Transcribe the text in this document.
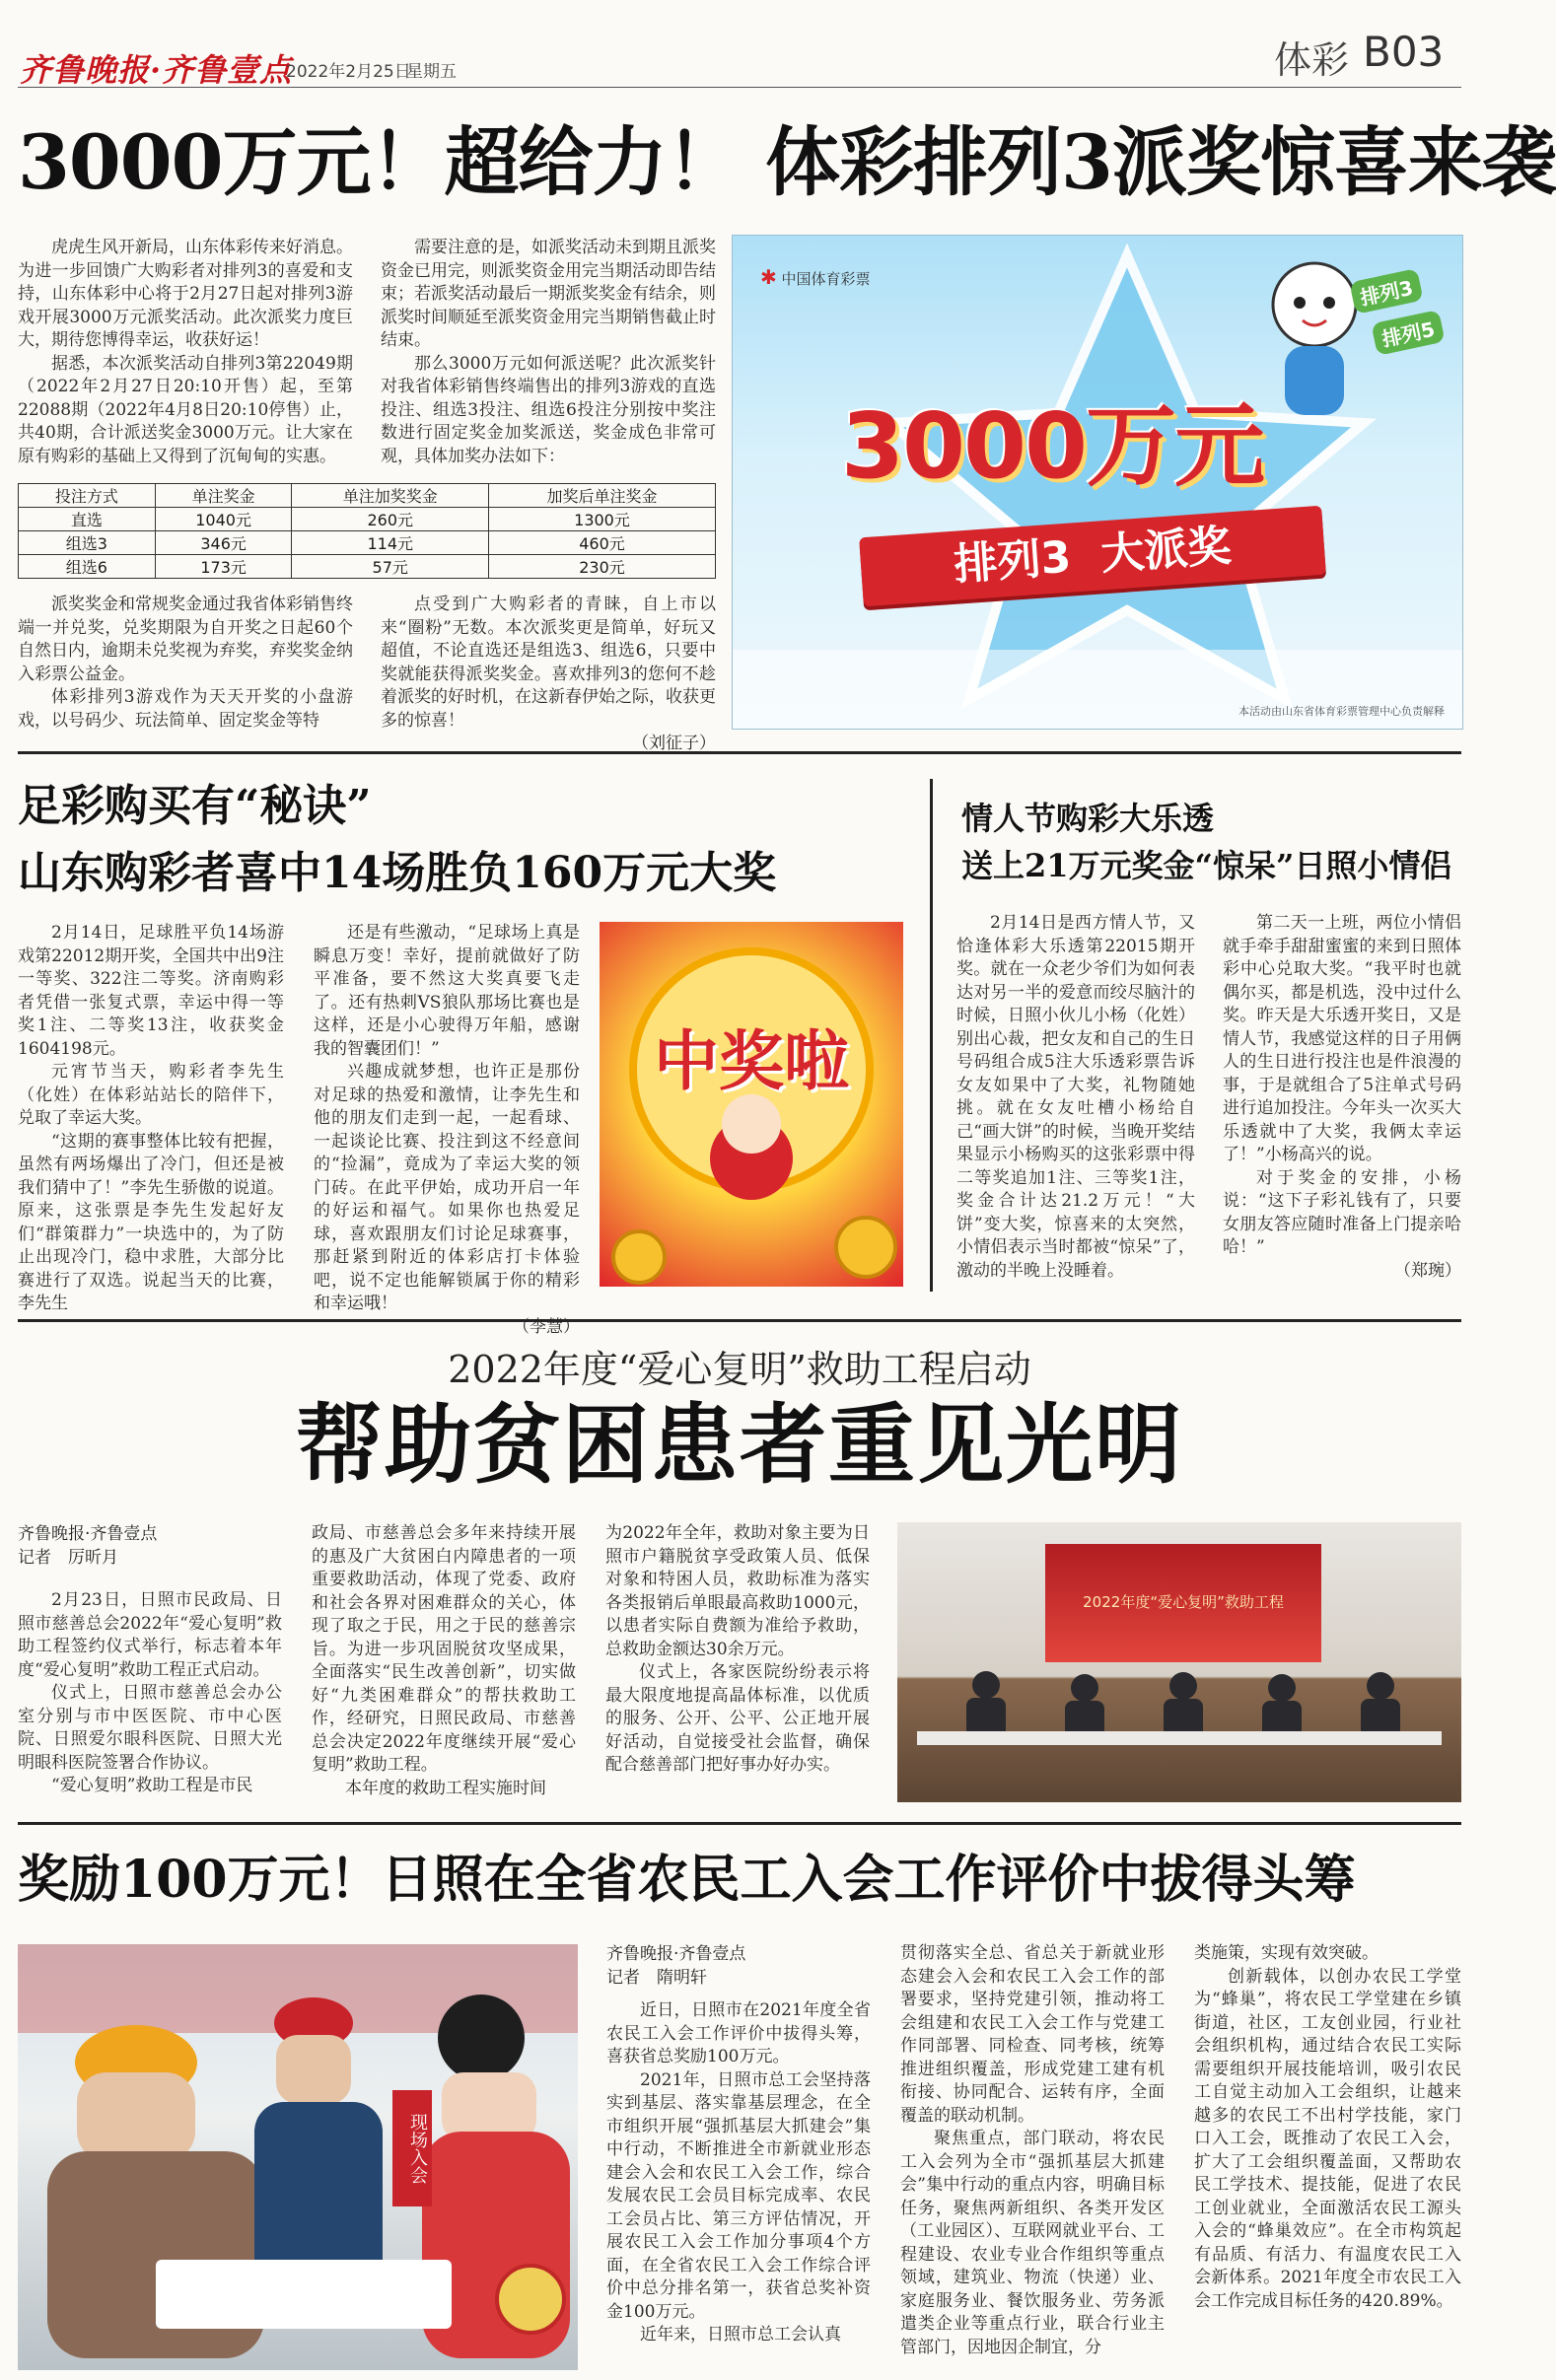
齐鲁晚报·齐鲁壹点
2022年2月25日
星期五	体彩 B03
3000万元！超给力！ 体彩排列3派奖惊喜来袭

虎虎生风开新局，山东体彩传来好消息。为进一步回馈广大购彩者对排列3的喜爱和支持，山东体彩中心将于2月27日起对排列3游戏开展3000万元派奖活动。此次派奖力度巨大，期待您博得幸运，收获好运！

据悉，本次派奖活动自排列3第22049期（2022年2月27日20:10开售）起，至第22088期（2022年4月8日20:10停售）止，共40期，合计派送奖金3000万元。让大家在原有购彩的基础上又得到了沉甸甸的实惠。

需要注意的是，如派奖活动未到期且派奖资金已用完，则派奖资金用完当期活动即告结束；若派奖活动最后一期派奖奖金有结余，则派奖时间顺延至派奖资金用完当期销售截止时结束。

那么3000万元如何派送呢？此次派奖针对我省体彩销售终端售出的排列3游戏的直选投注、组选3投注、组选6投注分别按中奖注数进行固定奖金加奖派送，奖金成色非常可观，具体加奖办法如下：

投注方式	单注奖金	单注加奖奖金	加奖后单注奖金
直选	1040元	260元	1300元
组选3	346元	114元	460元
组选6	173元	57元	230元

派奖奖金和常规奖金通过我省体彩销售终端一并兑奖，兑奖期限为自开奖之日起60个自然日内，逾期未兑奖视为弃奖，弃奖奖金纳入彩票公益金。

体彩排列3游戏作为天天开奖的小盘游戏，以号码少、玩法简单、固定奖金等特

点受到广大购彩者的青睐，自上市以来“圈粉”无数。本次派奖更是简单，好玩又超值，不论直选还是组选3、组选6，只要中奖就能获得派奖奖金。喜欢排列3的您何不趁着派奖的好时机，在这新春伊始之际，收获更多的惊喜！

（刘征子）
✱ 中国体育彩票	排列3
排列5
3000万元
排列3  大派奖
本活动由山东省体育彩票管理中心负责解释
足彩购买有“秘诀”
山东购彩者喜中14场胜负160万元大奖

2月14日，足球胜平负14场游戏第22012期开奖，全国共中出9注一等奖、322注二等奖。济南购彩者凭借一张复式票，幸运中得一等奖1注、二等奖13注，收获奖金1604198元。

元宵节当天，购彩者李先生（化姓）在体彩站站长的陪伴下，兑取了幸运大奖。

“这期的赛事整体比较有把握，虽然有两场爆出了冷门，但还是被我们猜中了！”李先生骄傲的说道。原来，这张票是李先生发起好友们“群策群力”一块选中的，为了防止出现冷门，稳中求胜，大部分比赛进行了双选。说起当天的比赛，李先生

还是有些激动，“足球场上真是瞬息万变！幸好，提前就做好了防平准备，要不然这大奖真要飞走了。还有热刺VS狼队那场比赛也是这样，还是小心驶得万年船，感谢我的智囊团们！”

兴趣成就梦想，也许正是那份对足球的热爱和激情，让李先生和他的朋友们走到一起，一起看球、一起谈论比赛、投注到这不经意间的“捡漏”，竟成为了幸运大奖的领门砖。在此平伊始，成功开启一年的好运和福气。如果你也热爱足球，喜欢跟朋友们讨论足球赛事，那赶紧到附近的体彩店打卡体验吧，说不定也能解锁属于你的精彩和幸运哦！

（李慧）
中奖啦
情人节购彩大乐透
送上21万元奖金“惊呆”日照小情侣

2月14日是西方情人节，又恰逢体彩大乐透第22015期开奖。就在一众老少爷们为如何表达对另一半的爱意而绞尽脑汁的时候，日照小伙儿小杨（化姓）别出心裁，把女友和自己的生日号码组合成5注大乐透彩票告诉女友如果中了大奖，礼物随她挑。就在女友吐槽小杨给自己“画大饼”的时候，当晚开奖结果显示小杨购买的这张彩票中得二等奖追加1注、三等奖1注，奖金合计达21.2万元！“大饼”变大奖，惊喜来的太突然，小情侣表示当时都被“惊呆”了，激动的半晚上没睡着。

第二天一上班，两位小情侣就手牵手甜甜蜜蜜的来到日照体彩中心兑取大奖。“我平时也就偶尔买，都是机选，没中过什么奖。昨天是大乐透开奖日，又是情人节，我感觉这样的日子用俩人的生日进行投注也是件浪漫的事，于是就组合了5注单式号码进行追加投注。今年头一次买大乐透就中了大奖，我俩太幸运了！”小杨高兴的说。

对于奖金的安排，小杨说：“这下子彩礼钱有了，只要女朋友答应随时准备上门提亲哈哈！”

（郑琬）
2022年度“爱心复明”救助工程启动
帮助贫困患者重见光明
齐鲁晚报·齐鲁壹点
记者　厉昕月

2月23日，日照市民政局、日照市慈善总会2022年“爱心复明”救助工程签约仪式举行，标志着本年度“爱心复明”救助工程正式启动。

仪式上，日照市慈善总会办公室分别与市中医医院、市中心医院、日照爱尔眼科医院、日照大光明眼科医院签署合作协议。

“爱心复明”救助工程是市民

政局、市慈善总会多年来持续开展的惠及广大贫困白内障患者的一项重要救助活动，体现了党委、政府和社会各界对困难群众的关心，体现了取之于民，用之于民的慈善宗旨。为进一步巩固脱贫攻坚成果，全面落实“民生改善创新”，切实做好“九类困难群众”的帮扶救助工作，经研究，日照民政局、市慈善总会决定2022年度继续开展“爱心复明”救助工程。

本年度的救助工程实施时间

为2022年全年，救助对象主要为日照市户籍脱贫享受政策人员、低保对象和特困人员，救助标准为落实各类报销后单眼最高救助1000元，以患者实际自费额为准给予救助，总救助金额达30余万元。

仪式上，各家医院纷纷表示将最大限度地提高晶体标准，以优质的服务、公开、公平、公正地开展好活动，自觉接受社会监督，确保配合慈善部门把好事办好办实。

2022年度“爱心复明”救助工程
奖励100万元！日照在全省农民工入会工作评价中拔得头筹
现场入会
齐鲁晚报·齐鲁壹点
记者　隋明轩

近日，日照市在2021年度全省农民工入会工作评价中拔得头筹，喜获省总奖励100万元。

2021年，日照市总工会坚持落实到基层、落实靠基层理念，在全市组织开展“强抓基层大抓建会”集中行动，不断推进全市新就业形态建会入会和农民工入会工作，综合发展农民工会员目标完成率、农民工会员占比、第三方评估情况，开展农民工入会工作加分事项4个方面，在全省农民工入会工作综合评价中总分排名第一，获省总奖补资金100万元。

近年来，日照市总工会认真

贯彻落实全总、省总关于新就业形态建会入会和农民工入会工作的部署要求，坚持党建引领，推动将工会组建和农民工入会工作与党建工作同部署、同检查、同考核，统筹推进组织覆盖，形成党建工建有机衔接、协同配合、运转有序，全面覆盖的联动机制。

聚焦重点，部门联动，将农民工入会列为全市“强抓基层大抓建会”集中行动的重点内容，明确目标任务，聚焦两新组织、各类开发区（工业园区）、互联网就业平台、工程建设、农业专业合作组织等重点领域，建筑业、物流（快递）业、家庭服务业、餐饮服务业、劳务派遣类企业等重点行业，联合行业主管部门，因地因企制宜，分

类施策，实现有效突破。

创新载体，以创办农民工学堂为“蜂巢”，将农民工学堂建在乡镇街道，社区，工友创业园，行业社会组织机构，通过结合农民工实际需要组织开展技能培训，吸引农民工自觉主动加入工会组织，让越来越多的农民工不出村学技能，家门口入工会，既推动了农民工入会，扩大了工会组织覆盖面，又帮助农民工学技术、提技能，促进了农民工创业就业，全面激活农民工源头入会的“蜂巢效应”。在全市构筑起有品质、有活力、有温度农民工入会新体系。2021年度全市农民工入会工作完成目标任务的420.89%。
